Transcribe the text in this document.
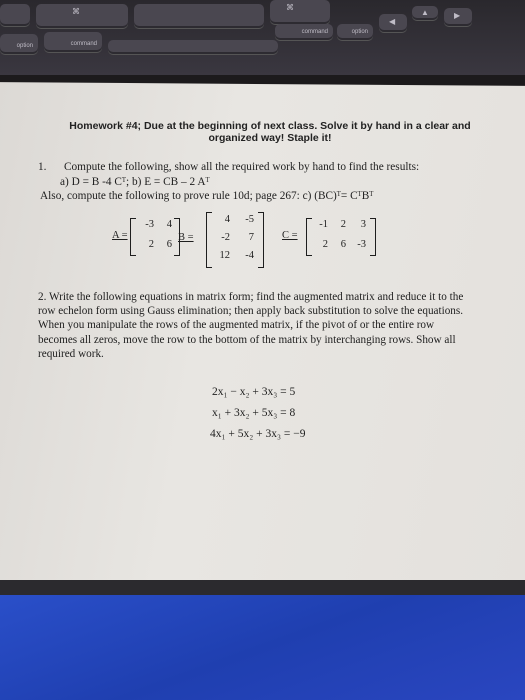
⌘	⌘
command	option
◀
▲	▶
option	command
Homework #4; Due at the beginning of next class. Solve it by hand in a clear and
organized way! Staple it!
1. Compute the following, show all the required work by hand to find the results:
a) D = B -4 Cᵀ; b) E = CB – 2 Aᵀ
Also, compute the following to prove rule 10d; page 267: c) (BC)ᵀ= CᵀBᵀ
A =
-3	4
2	6
B =
4	-5
-2	7
12	-4
C =
-1	2	3
2	6	-3
2. Write the following equations in matrix form; find the augmented matrix and reduce it to the row echelon form using Gauss elimination; then apply back substitution to solve the equations. When you manipulate the rows of the augmented matrix, if the pivot of or the entire row becomes all zeros, move the row to the bottom of the matrix by interchanging rows. Show all required work.
2x₁ − x₂ + 3x₃ = 5
x₁ + 3x₂ + 5x₃ = 8
4x₁ + 5x₂ + 3x₃ = −9
